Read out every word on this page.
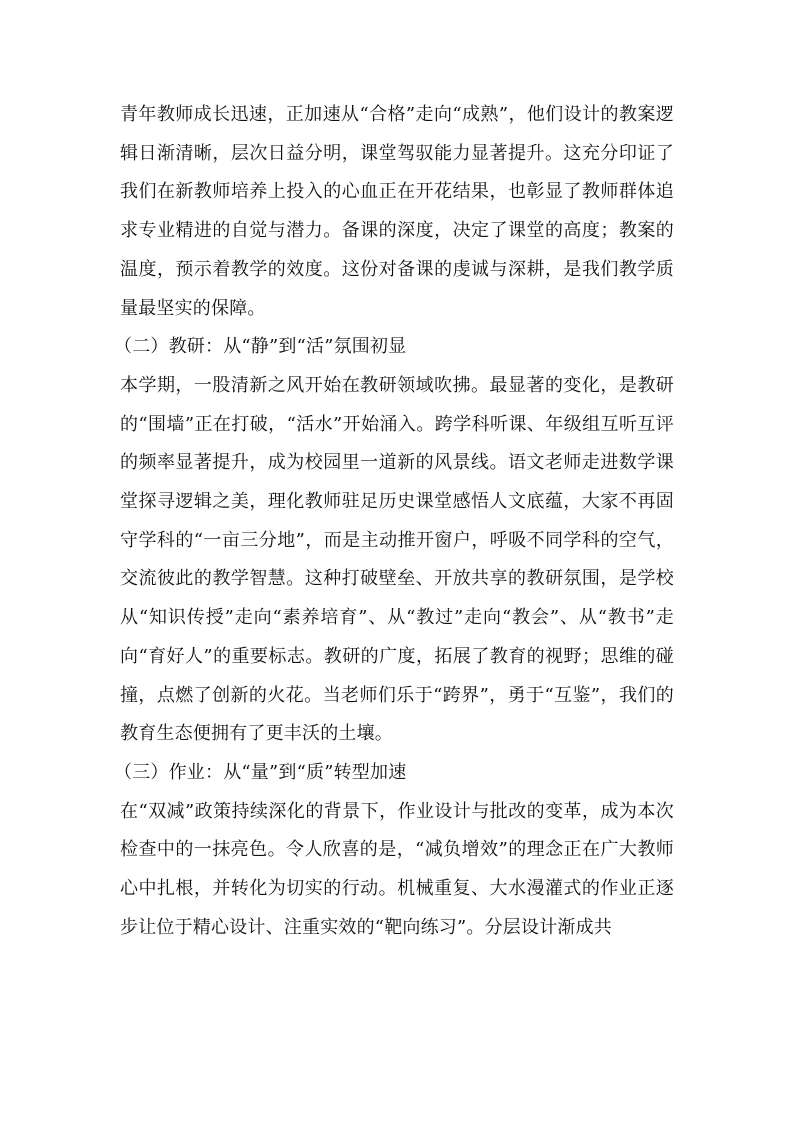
青年教师成长迅速，正加速从“合格”走向“成熟”，他们设计的教案逻辑日渐清晰，层次日益分明，课堂驾驭能力显著提升。这充分印证了我们在新教师培养上投入的心血正在开花结果，也彰显了教师群体追求专业精进的自觉与潜力。备课的深度，决定了课堂的高度；教案的温度，预示着教学的效度。这份对备课的虔诚与深耕，是我们教学质量最坚实的保障。

（二）教研：从“静”到“活”氛围初显

本学期，一股清新之风开始在教研领域吹拂。最显著的变化，是教研的“围墙”正在打破，“活水”开始涌入。跨学科听课、年级组互听互评的频率显著提升，成为校园里一道新的风景线。语文老师走进数学课堂探寻逻辑之美，理化教师驻足历史课堂感悟人文底蕴，大家不再固守学科的“一亩三分地”，而是主动推开窗户，呼吸不同学科的空气，交流彼此的教学智慧。这种打破壁垒、开放共享的教研氛围，是学校从“知识传授”走向“素养培育”、从“教过”走向“教会”、从“教书”走向“育好人”的重要标志。教研的广度，拓展了教育的视野；思维的碰撞，点燃了创新的火花。当老师们乐于“跨界”，勇于“互鉴”，我们的教育生态便拥有了更丰沃的土壤。

（三）作业：从“量”到“质”转型加速

在“双减”政策持续深化的背景下，作业设计与批改的变革，成为本次检查中的一抹亮色。令人欣喜的是，“减负增效”的理念正在广大教师心中扎根，并转化为切实的行动。机械重复、大水漫灌式的作业正逐步让位于精心设计、注重实效的“靶向练习”。分层设计渐成共
